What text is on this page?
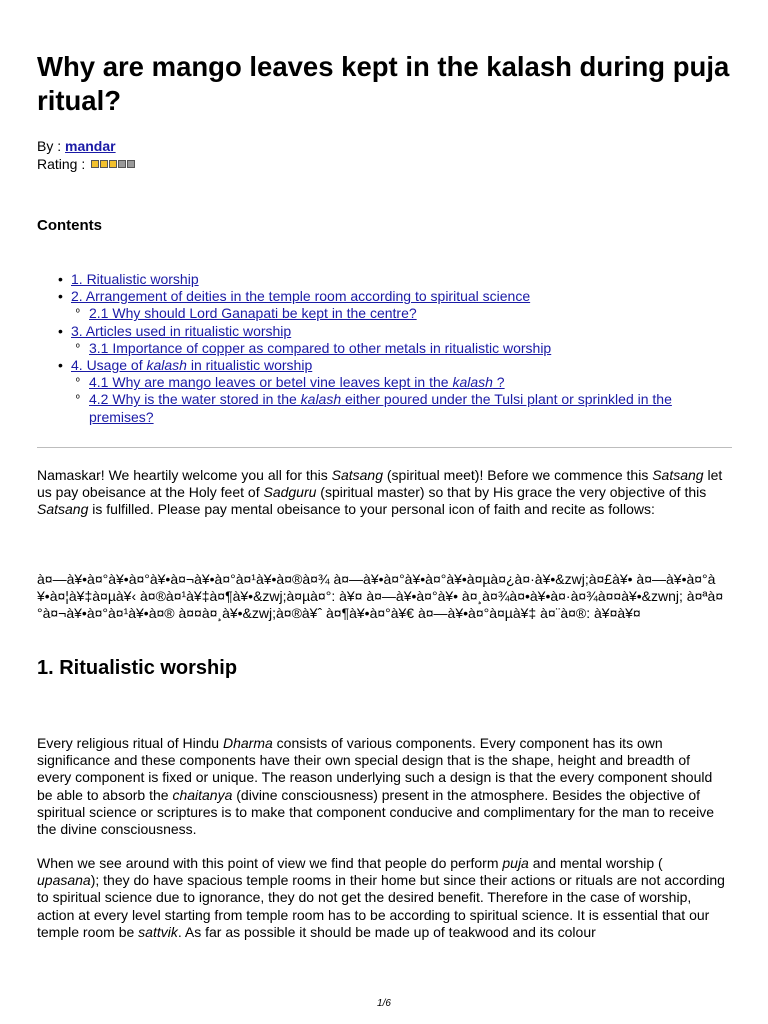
Why are mango leaves kept in the kalash during puja ritual?
By : mandar
Rating :
Contents
• 1. Ritualistic worship
• 2. Arrangement of deities in the temple room according to spiritual science
º 2.1 Why should Lord Ganapati be kept in the centre?
• 3. Articles used in ritualistic worship
º 3.1 Importance of copper as compared to other metals in ritualistic worship
• 4. Usage of kalash in ritualistic worship
º 4.1 Why are mango leaves or betel vine leaves kept in the kalash ?
º 4.2 Why is the water stored in the kalash either poured under the Tulsi plant or sprinkled in the premises?

Namaskar! We heartily welcome you all for this Satsang (spiritual meet)! Before we commence this Satsang let us pay obeisance at the Holy feet of Sadguru (spiritual master) so that by His grace the very objective of this Satsang is fulfilled. Please pay mental obeisance to your personal icon of faith and recite as follows:

à¤—à¥•à¤°à¥•à¤°à¥•à¤¬à¥•à¤°à¤¹à¥•à¤®à¤¾ à¤—à¥•à¤°à¥•à¤°à¥•à¤µà¤¿à¤·à¥•&zwj;à¤£à¥• à¤—à¥•à¤°à¥•à¤¦à¥‡à¤µà¥‹ à¤®à¤¹à¥‡à¤¶à¥•&zwj;à¤µà¤°: à¥¤ à¤—à¥•à¤°à¥• à¤¸à¤¾à¤•à¥•à¤·à¤¾à¤¤à¥•&zwnj; à¤ªà¤°à¤¬à¥•à¤°à¤¹à¥•à¤® à¤¤à¤¸à¥•&zwj;à¤®à¥ˆ à¤¶à¥•à¤°à¥€ à¤—à¥•à¤°à¤µà¥‡ à¤¨à¤®: à¥¤à¥¤

1. Ritualistic worship

Every religious ritual of Hindu Dharma consists of various components. Every component has its own significance and these components have their own special design that is the shape, height and breadth of every component is fixed or unique. The reason underlying such a design is that the every component should be able to absorb the chaitanya (divine consciousness) present in the atmosphere. Besides the objective of spiritual science or scriptures is to make that component conducive and complimentary for the man to receive the divine consciousness.

When we see around with this point of view we find that people do perform puja and mental worship ( upasana); they do have spacious temple rooms in their home but since their actions or rituals are not according to spiritual science due to ignorance, they do not get the desired benefit. Therefore in the case of worship, action at every level starting from temple room has to be according to spiritual science. It is essential that our temple room be sattvik. As far as possible it should be made up of teakwood and its colour

1/6
